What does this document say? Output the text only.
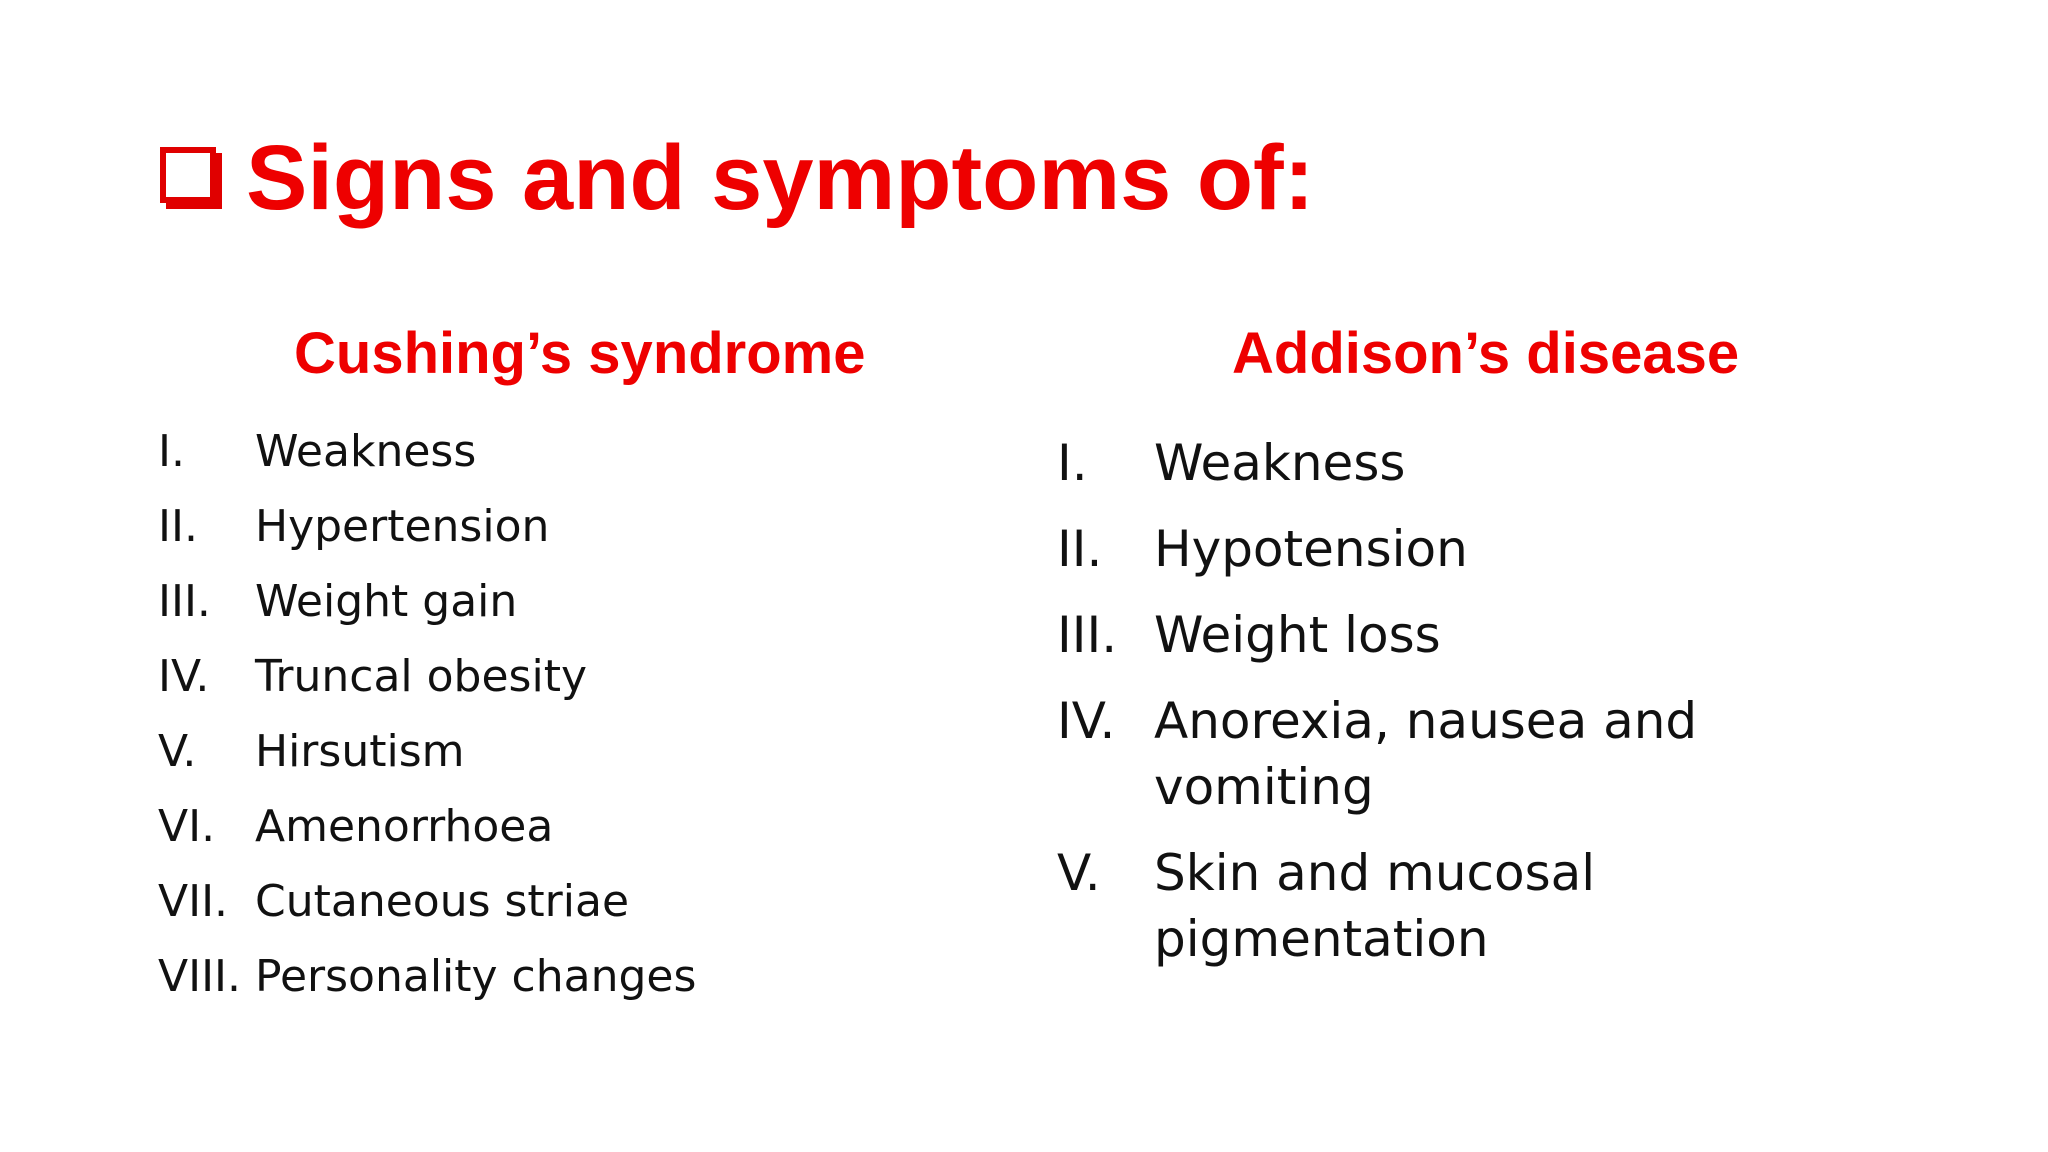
Signs and symptoms of:
Cushing’s syndrome	Addison’s disease
I.	Weakness
II.	Hypertension
III.	Weight gain
IV.	Truncal obesity
V.	Hirsutism
VI. Amenorrhoea
VII. Cutaneous striae
VIII. Personality changes
I.	Weakness
II.	Hypotension
III. Weight loss
IV. Anorexia, nausea and vomiting
V.	Skin and mucosal pigmentation
